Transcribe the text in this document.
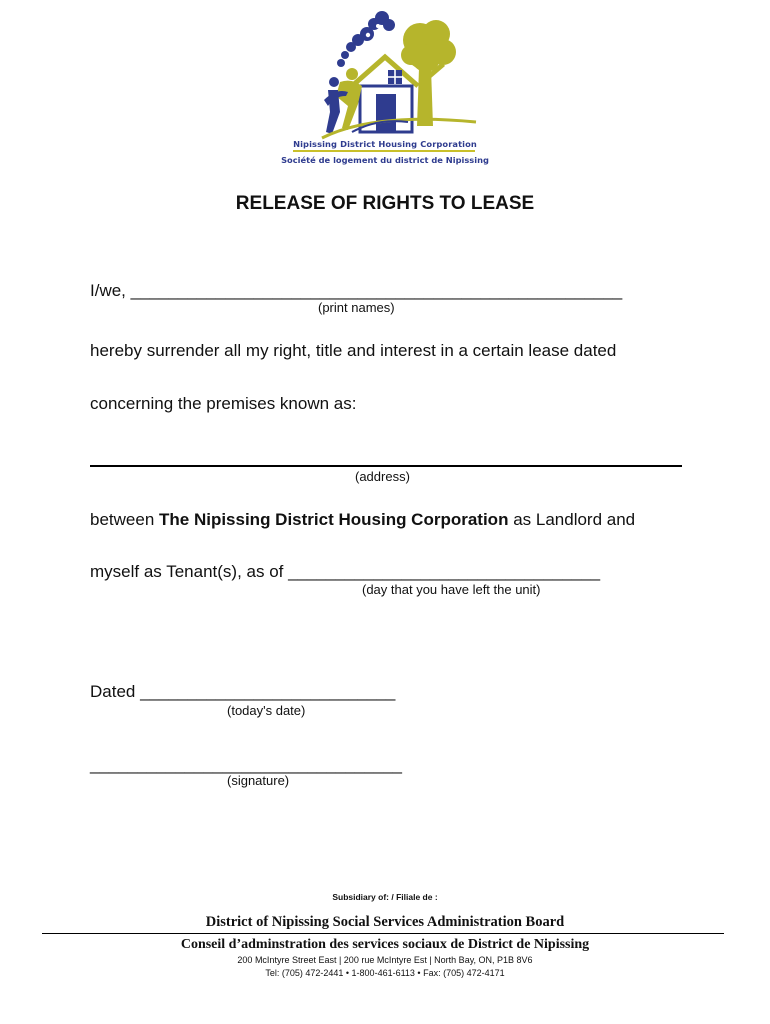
Nipissing District Housing Corporation
Société de logement du district de Nipissing
RELEASE OF RIGHTS TO LEASE
I/we, ____________________________________________________
(print names)
hereby surrender all my right, title and interest in a certain lease dated
concerning the premises known as:
(address)
between The Nipissing District Housing Corporation as Landlord and
myself as Tenant(s), as of _________________________________
(day that you have left the unit)
Dated ___________________________
(today's date)
_________________________________
(signature)
Subsidiary of: / Filiale de :
District of Nipissing Social Services Administration Board
Conseil d’adminstration des services sociaux de District de Nipissing
200 McIntyre Street East | 200 rue McIntyre Est | North Bay, ON, P1B 8V6
Tel: (705) 472-2441 • 1-800-461-6113 • Fax: (705) 472-4171
